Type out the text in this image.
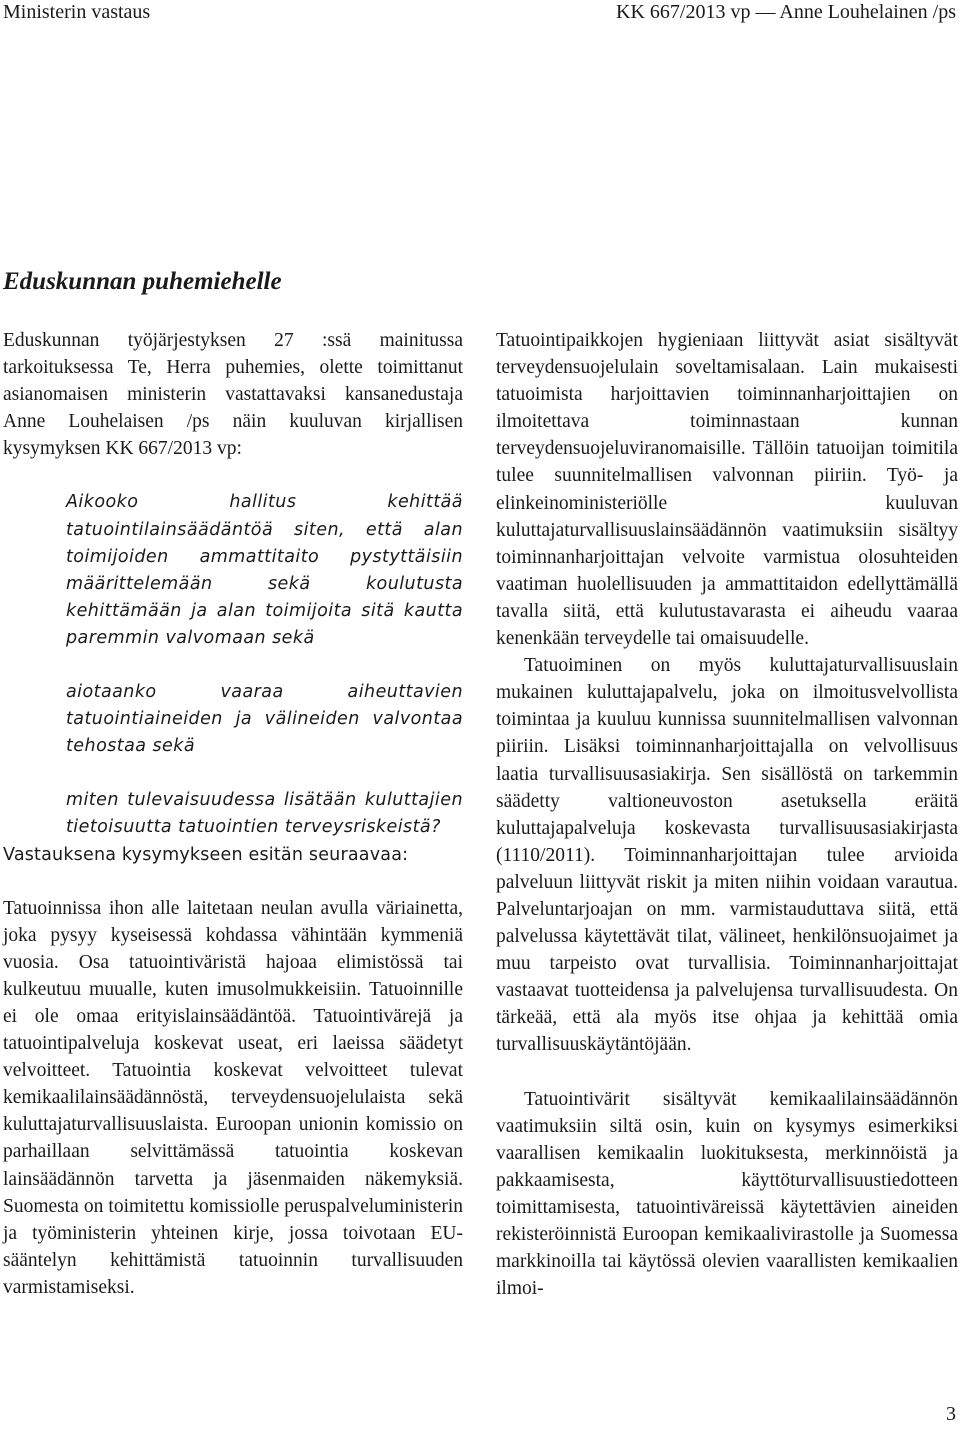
Ministerin vastaus	KK 667/2013 vp — Anne Louhelainen /ps
Eduskunnan puhemiehelle

Eduskunnan työjärjestyksen 27 :ssä mainitussa tarkoituksessa Te, Herra puhemies, olette toimittanut asianomaisen ministerin vastattavaksi kansanedustaja Anne Louhelaisen /ps näin kuuluvan kirjallisen kysymyksen KK 667/2013 vp:

Aikooko hallitus kehittää tatuointilainsäädäntöä siten, että alan toimijoiden ammattitaito pystyttäisiin määrittelemään sekä koulutusta kehittämään ja alan toimijoita sitä kautta paremmin valvomaan sekä

aiotaanko vaaraa aiheuttavien tatuointiaineiden ja välineiden valvontaa tehostaa sekä

miten tulevaisuudessa lisätään kuluttajien tietoisuutta tatuointien terveysriskeistä?

Vastauksena kysymykseen esitän seuraavaa:

Tatuoinnissa ihon alle laitetaan neulan avulla väriainetta, joka pysyy kyseisessä kohdassa vähintään kymmeniä vuosia. Osa tatuointiväristä hajoaa elimistössä tai kulkeutuu muualle, kuten imusolmukkeisiin. Tatuoinnille ei ole omaa erityislainsäädäntöä. Tatuointivärejä ja tatuointipalveluja koskevat useat, eri laeissa säädetyt velvoitteet. Tatuointia koskevat velvoitteet tulevat kemikaalilainsäädännöstä, terveydensuojelulaista sekä kuluttajaturvallisuuslaista. Euroopan unionin komissio on parhaillaan selvittämässä tatuointia koskevan lainsäädännön tarvetta ja jäsenmaiden näkemyksiä. Suomesta on toimitettu komissiolle peruspalveluministerin ja työministerin yhteinen kirje, jossa toivotaan EU-sääntelyn kehittämistä tatuoinnin turvallisuuden varmistamiseksi.

Tatuointipaikkojen hygieniaan liittyvät asiat sisältyvät terveydensuojelulain soveltamisalaan. Lain mukaisesti tatuoimista harjoittavien toiminnanharjoittajien on ilmoitettava toiminnastaan kunnan terveydensuojeluviranomaisille. Tällöin tatuoijan toimitila tulee suunnitelmallisen valvonnan piiriin. Työ- ja elinkeinoministeriölle kuuluvan kuluttajaturvallisuuslainsäädännön vaatimuksiin sisältyy toiminnanharjoittajan velvoite varmistua olosuhteiden vaatiman huolellisuuden ja ammattitaidon edellyttämällä tavalla siitä, että kulutustavarasta ei aiheudu vaaraa kenenkään terveydelle tai omaisuudelle.

Tatuoiminen on myös kuluttajaturvallisuuslain mukainen kuluttajapalvelu, joka on ilmoitusvelvollista toimintaa ja kuuluu kunnissa suunnitelmallisen valvonnan piiriin. Lisäksi toiminnanharjoittajalla on velvollisuus laatia turvallisuusasiakirja. Sen sisällöstä on tarkemmin säädetty valtioneuvoston asetuksella eräitä kuluttajapalveluja koskevasta turvallisuusasiakirjasta (1110/2011). Toiminnanharjoittajan tulee arvioida palveluun liittyvät riskit ja miten niihin voidaan varautua. Palveluntarjoajan on mm. varmistauduttava siitä, että palvelussa käytettävät tilat, välineet, henkilönsuojaimet ja muu tarpeisto ovat turvallisia. Toiminnanharjoittajat vastaavat tuotteidensa ja palvelujensa turvallisuudesta. On tärkeää, että ala myös itse ohjaa ja kehittää omia turvallisuuskäytäntöjään.

Tatuointivärit sisältyvät kemikaalilainsäädännön vaatimuksiin siltä osin, kuin on kysymys esimerkiksi vaarallisen kemikaalin luokituksesta, merkinnöistä ja pakkaamisesta, käyttöturvallisuustiedotteen toimittamisesta, tatuointiväreissä käytettävien aineiden rekisteröinnistä Euroopan kemikaalivirastolle ja Suomessa markkinoilla tai käytössä olevien vaarallisten kemikaalien ilmoi-

3
